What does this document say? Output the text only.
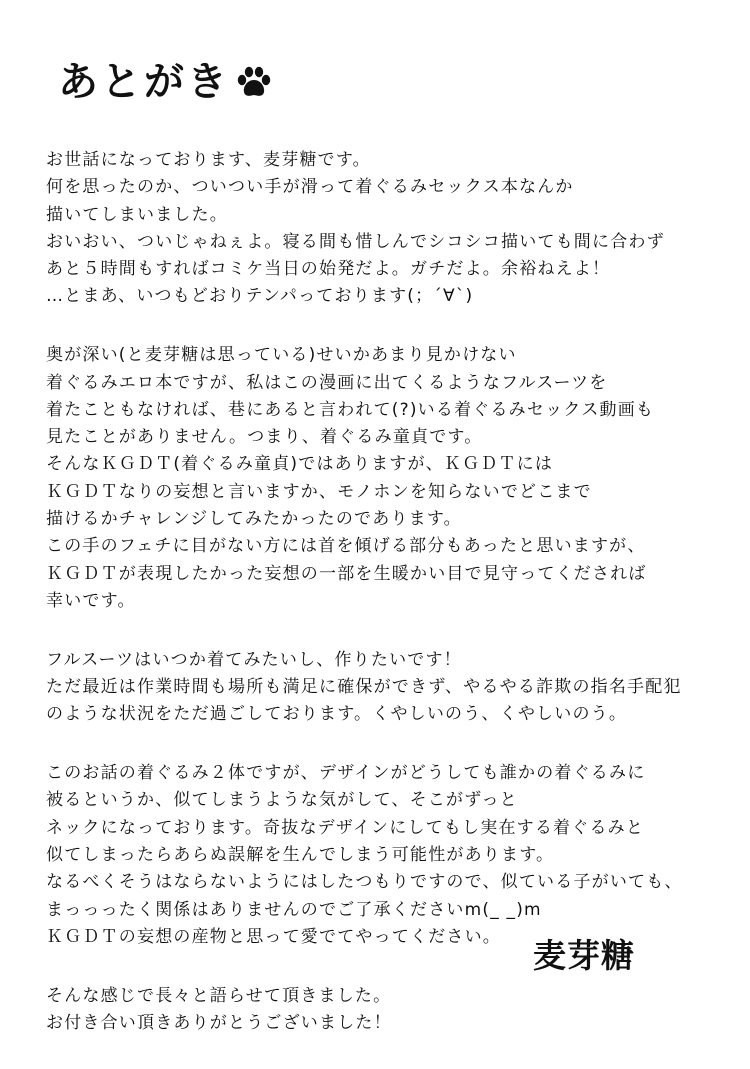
あとがき
お世話になっております、麦芽糖です。
何を思ったのか、ついつい手が滑って着ぐるみセックス本なんか
描いてしまいました。
おいおい、ついじゃねぇよ。寝る間も惜しんでシコシコ描いても間に合わず
あと５時間もすればコミケ当日の始発だよ。ガチだよ。余裕ねえよ！
…とまあ、いつもどおりテンパっております(；´∀`)
奥が深い(と麦芽糖は思っている)せいかあまり見かけない
着ぐるみエロ本ですが、私はこの漫画に出てくるようなフルスーツを
着たこともなければ、巷にあると言われて(?)いる着ぐるみセックス動画も
見たことがありません。つまり、着ぐるみ童貞です。
そんなＫＧＤＴ(着ぐるみ童貞)ではありますが、ＫＧＤＴには
ＫＧＤＴなりの妄想と言いますか、モノホンを知らないでどこまで
描けるかチャレンジしてみたかったのであります。
この手のフェチに目がない方には首を傾げる部分もあったと思いますが、
ＫＧＤＴが表現したかった妄想の一部を生暖かい目で見守ってくだされば
幸いです。
フルスーツはいつか着てみたいし、作りたいです！
ただ最近は作業時間も場所も満足に確保ができず、やるやる詐欺の指名手配犯
のような状況をただ過ごしております。くやしいのう、くやしいのう。
このお話の着ぐるみ２体ですが、デザインがどうしても誰かの着ぐるみに
被るというか、似てしまうような気がして、そこがずっと
ネックになっております。奇抜なデザインにしてもし実在する着ぐるみと
似てしまったらあらぬ誤解を生んでしまう可能性があります。
なるべくそうはならないようにはしたつもりですので、似ている子がいても、
まっっったく関係はありませんのでご了承くださいm(_ _)m
ＫＧＤＴの妄想の産物と思って愛でてやってください。
そんな感じで長々と語らせて頂きました。
お付き合い頂きありがとうございました！
麦芽糖
